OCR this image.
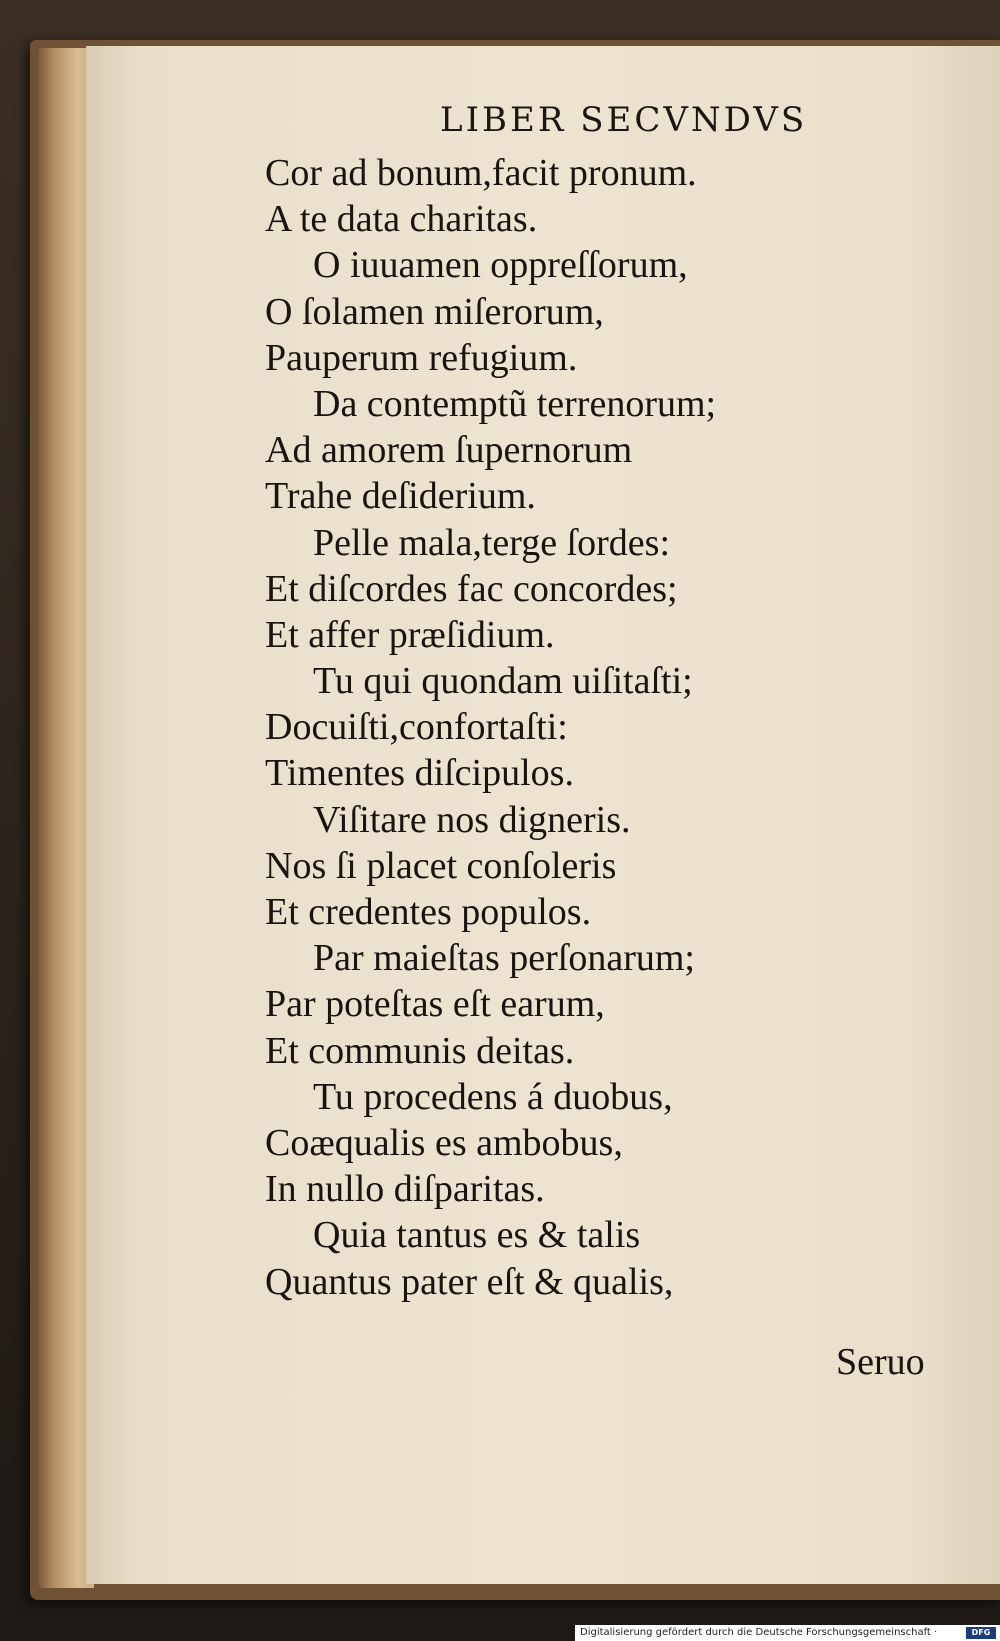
LIBER SECVNDVS
Cor ad bonum,facit pronum.
A te data charitas.
O iuuamen oppreſſorum,
O ſolamen miſerorum,
Pauperum refugium.
Da contemptũ terrenorum;
Ad amorem ſupernorum
Trahe deſiderium.
Pelle mala,terge ſordes:
Et diſcordes fac concordes;
Et affer præſidium.
Tu qui quondam uiſitaſti;
Docuiſti,confortaſti:
Timentes diſcipulos.
Viſitare nos digneris.
Nos ſi placet conſoleris
Et credentes populos.
Par maieſtas perſonarum;
Par poteſtas eſt earum,
Et communis deitas.
Tu procedens á duobus,
Coæqualis es ambobus,
In nullo diſparitas.
Quia tantus es & talis
Quantus pater eſt & qualis,
Seruo
Digitalisierung gefördert durch die Deutsche Forschungsgemeinschaft ·	DFG
